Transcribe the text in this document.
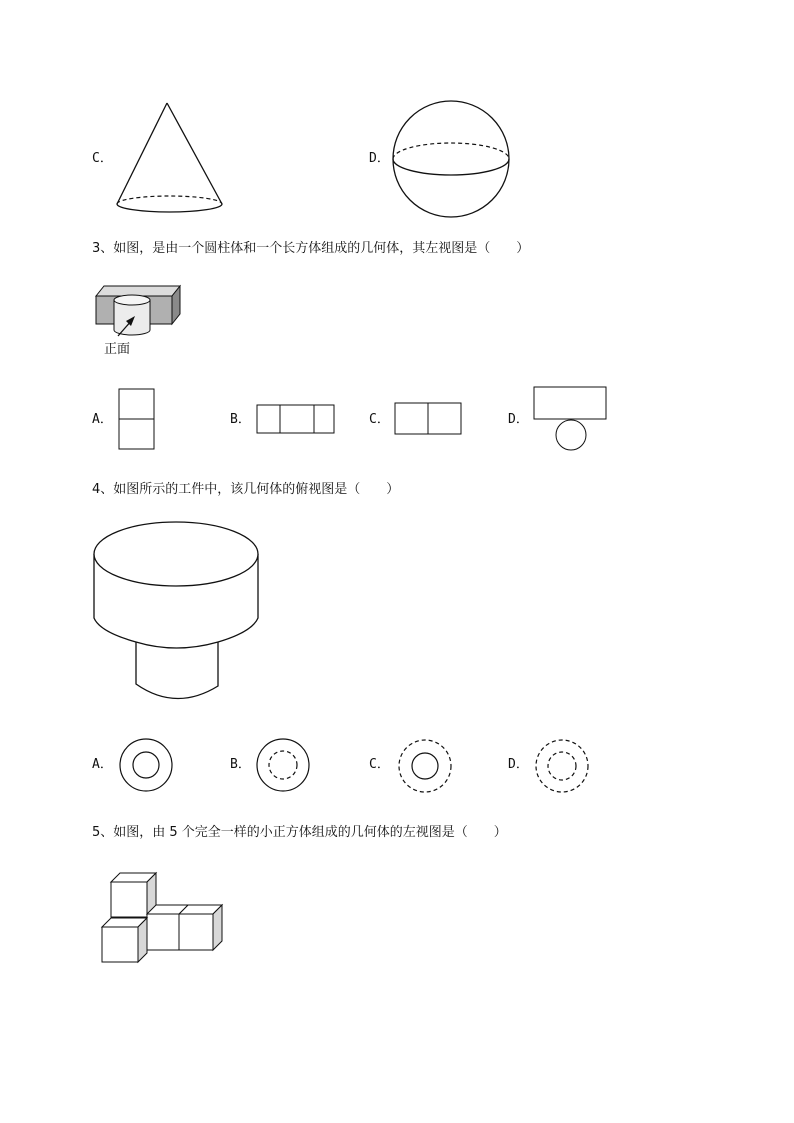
C．	D．
3、如图，是由一个圆柱体和一个长方体组成的几何体，其左视图是（　　）
正面
A．	B．	C．	D．
4、如图所示的工件中，该几何体的俯视图是（　　）
A．	B．	C．	D．
5、如图，由 5 个完全一样的小正方体组成的几何体的左视图是（　　）
